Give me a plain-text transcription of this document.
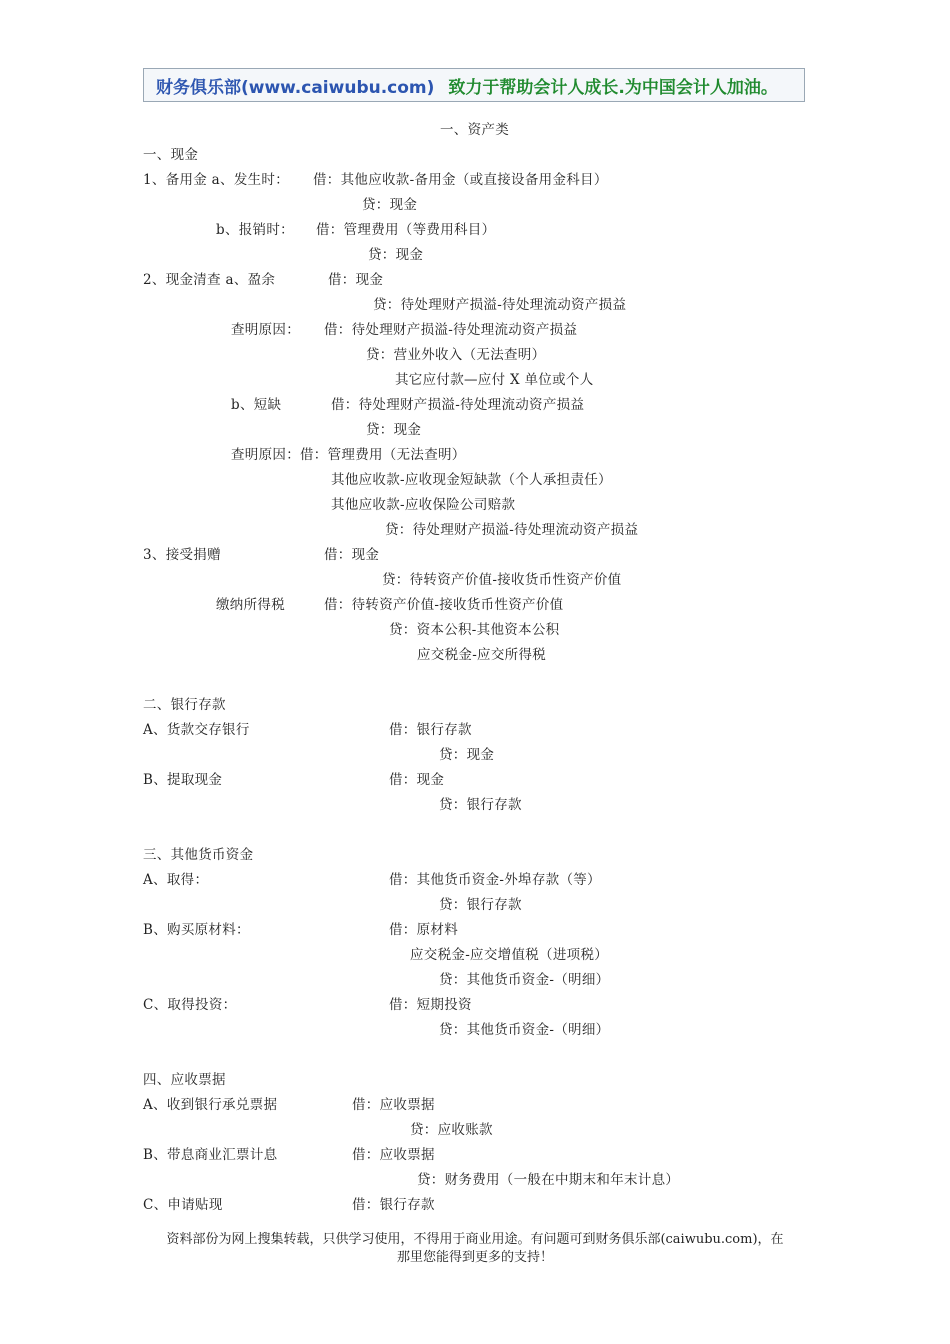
财务俱乐部(www.caiwubu.com) 致力于帮助会计人成长.为中国会计人加油。
一、资产类
一、现金
1、备用金 a、发生时： 借：其他应收款-备用金（或直接设备用金科目）
贷：现金
b、报销时： 借：管理费用（等费用科目）
贷：现金
2、现金清查 a、盈余	借：现金
贷：待处理财产损溢-待处理流动资产损益
查明原因： 借：待处理财产损溢-待处理流动资产损益
贷：营业外收入（无法查明）
其它应付款—应付 X 单位或个人
b、短缺	借：待处理财产损溢-待处理流动资产损益
贷：现金
查明原因：借：管理费用（无法查明）
其他应收款-应收现金短缺款（个人承担责任）
其他应收款-应收保险公司赔款
贷：待处理财产损溢-待处理流动资产损益
3、接受捐赠	借：现金
贷：待转资产价值-接收货币性资产价值
缴纳所得税	借：待转资产价值-接收货币性资产价值
贷：资本公积-其他资本公积
应交税金-应交所得税
二、银行存款
A、货款交存银行	借：银行存款
贷：现金
B、提取现金	借：现金
贷：银行存款
三、其他货币资金
A、取得：	借：其他货币资金-外埠存款（等）
贷：银行存款
B、购买原材料：	借：原材料
应交税金-应交增值税（进项税）
贷：其他货币资金-（明细）
C、取得投资：	借：短期投资
贷：其他货币资金-（明细）
四、应收票据
A、收到银行承兑票据	借：应收票据
贷：应收账款
B、带息商业汇票计息	借：应收票据
贷：财务费用（一般在中期末和年末计息）
C、申请贴现	借：银行存款
资料部份为网上搜集转载，只供学习使用，不得用于商业用途。有问题可到财务俱乐部(caiwubu.com)，在
那里您能得到更多的支持！
